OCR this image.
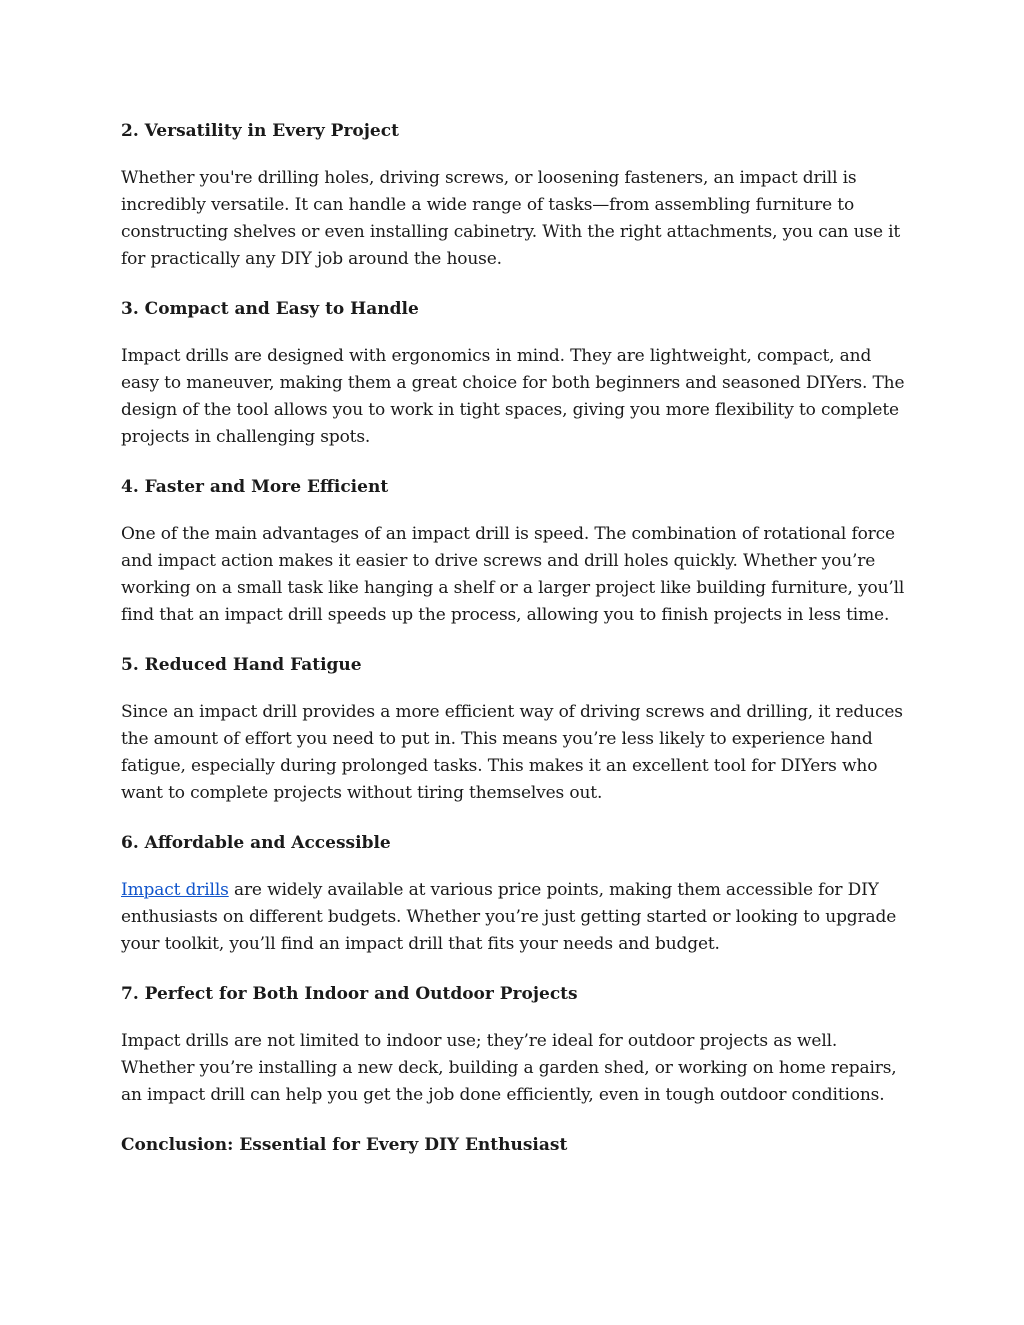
2. Versatility in Every Project

Whether you're drilling holes, driving screws, or loosening fasteners, an impact drill is incredibly versatile. It can handle a wide range of tasks—from assembling furniture to constructing shelves or even installing cabinetry. With the right attachments, you can use it for practically any DIY job around the house.

3. Compact and Easy to Handle

Impact drills are designed with ergonomics in mind. They are lightweight, compact, and easy to maneuver, making them a great choice for both beginners and seasoned DIYers. The design of the tool allows you to work in tight spaces, giving you more flexibility to complete projects in challenging spots.

4. Faster and More Efficient

One of the main advantages of an impact drill is speed. The combination of rotational force and impact action makes it easier to drive screws and drill holes quickly. Whether you’re working on a small task like hanging a shelf or a larger project like building furniture, you’ll find that an impact drill speeds up the process, allowing you to finish projects in less time.

5. Reduced Hand Fatigue

Since an impact drill provides a more efficient way of driving screws and drilling, it reduces the amount of effort you need to put in. This means you’re less likely to experience hand fatigue, especially during prolonged tasks. This makes it an excellent tool for DIYers who want to complete projects without tiring themselves out.

6. Affordable and Accessible

Impact drills are widely available at various price points, making them accessible for DIY enthusiasts on different budgets. Whether you’re just getting started or looking to upgrade your toolkit, you’ll find an impact drill that fits your needs and budget.

7. Perfect for Both Indoor and Outdoor Projects

Impact drills are not limited to indoor use; they’re ideal for outdoor projects as well. Whether you’re installing a new deck, building a garden shed, or working on home repairs, an impact drill can help you get the job done efficiently, even in tough outdoor conditions.

Conclusion: Essential for Every DIY Enthusiast
